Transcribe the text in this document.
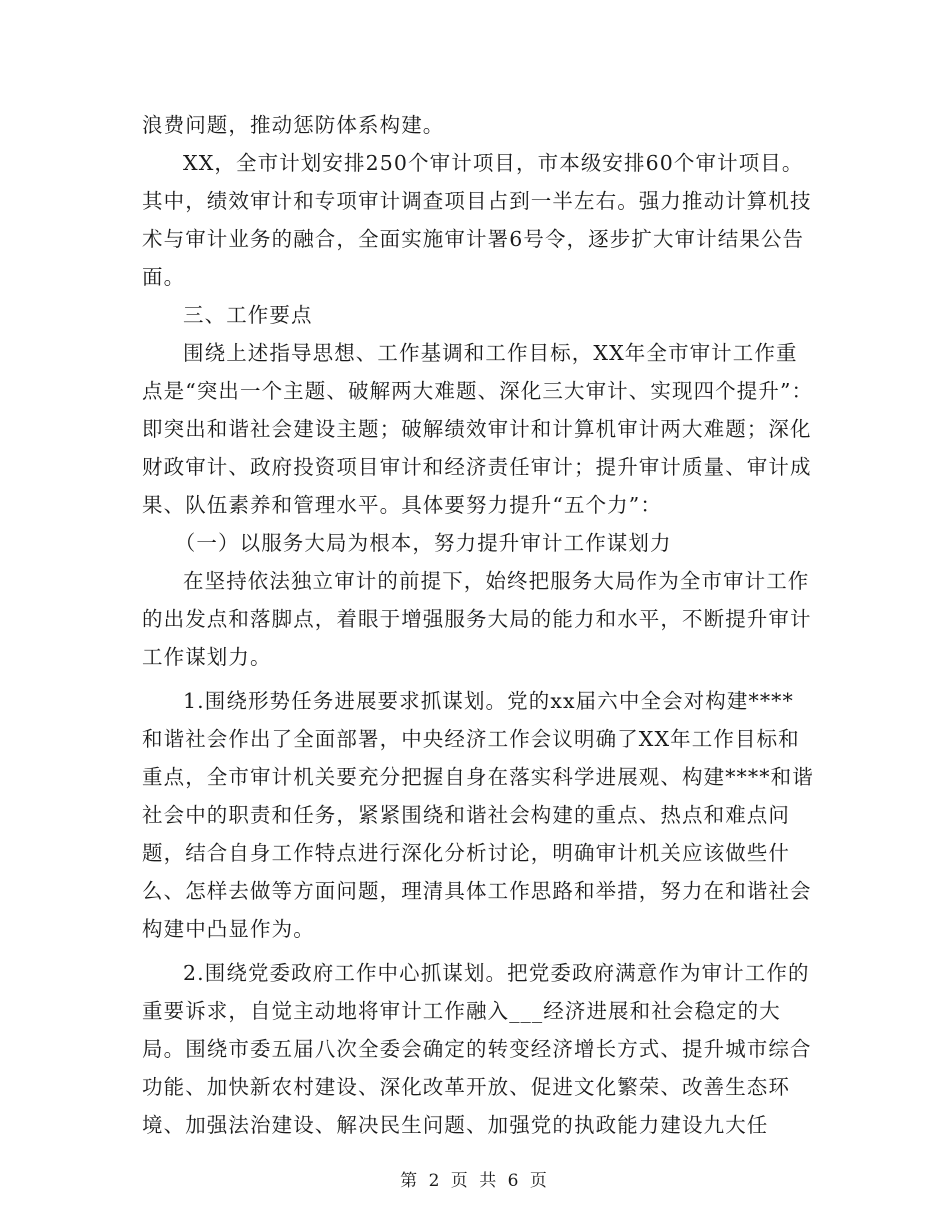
浪费问题，推动惩防体系构建。

XX，全市计划安排250个审计项目，市本级安排60个审计项目。其中，绩效审计和专项审计调查项目占到一半左右。强力推动计算机技术与审计业务的融合，全面实施审计署6号令，逐步扩大审计结果公告面。

三、工作要点

围绕上述指导思想、工作基调和工作目标，XX年全市审计工作重点是“突出一个主题、破解两大难题、深化三大审计、实现四个提升”：即突出和谐社会建设主题；破解绩效审计和计算机审计两大难题；深化财政审计、政府投资项目审计和经济责任审计；提升审计质量、审计成果、队伍素养和管理水平。具体要努力提升“五个力”：

（一）以服务大局为根本，努力提升审计工作谋划力

在坚持依法独立审计的前提下，始终把服务大局作为全市审计工作的出发点和落脚点，着眼于增强服务大局的能力和水平，不断提升审计工作谋划力。

1.围绕形势任务进展要求抓谋划。党的xx届六中全会对构建****和谐社会作出了全面部署，中央经济工作会议明确了XX年工作目标和重点，全市审计机关要充分把握自身在落实科学进展观、构建****和谐社会中的职责和任务，紧紧围绕和谐社会构建的重点、热点和难点问题，结合自身工作特点进行深化分析讨论，明确审计机关应该做些什么、怎样去做等方面问题，理清具体工作思路和举措，努力在和谐社会构建中凸显作为。

2.围绕党委政府工作中心抓谋划。把党委政府满意作为审计工作的重要诉求，自觉主动地将审计工作融入___经济进展和社会稳定的大局。围绕市委五届八次全委会确定的转变经济增长方式、提升城市综合功能、加快新农村建设、深化改革开放、促进文化繁荣、改善生态环境、加强法治建设、解决民生问题、加强党的执政能力建设九大任

第 2 页 共 6 页
